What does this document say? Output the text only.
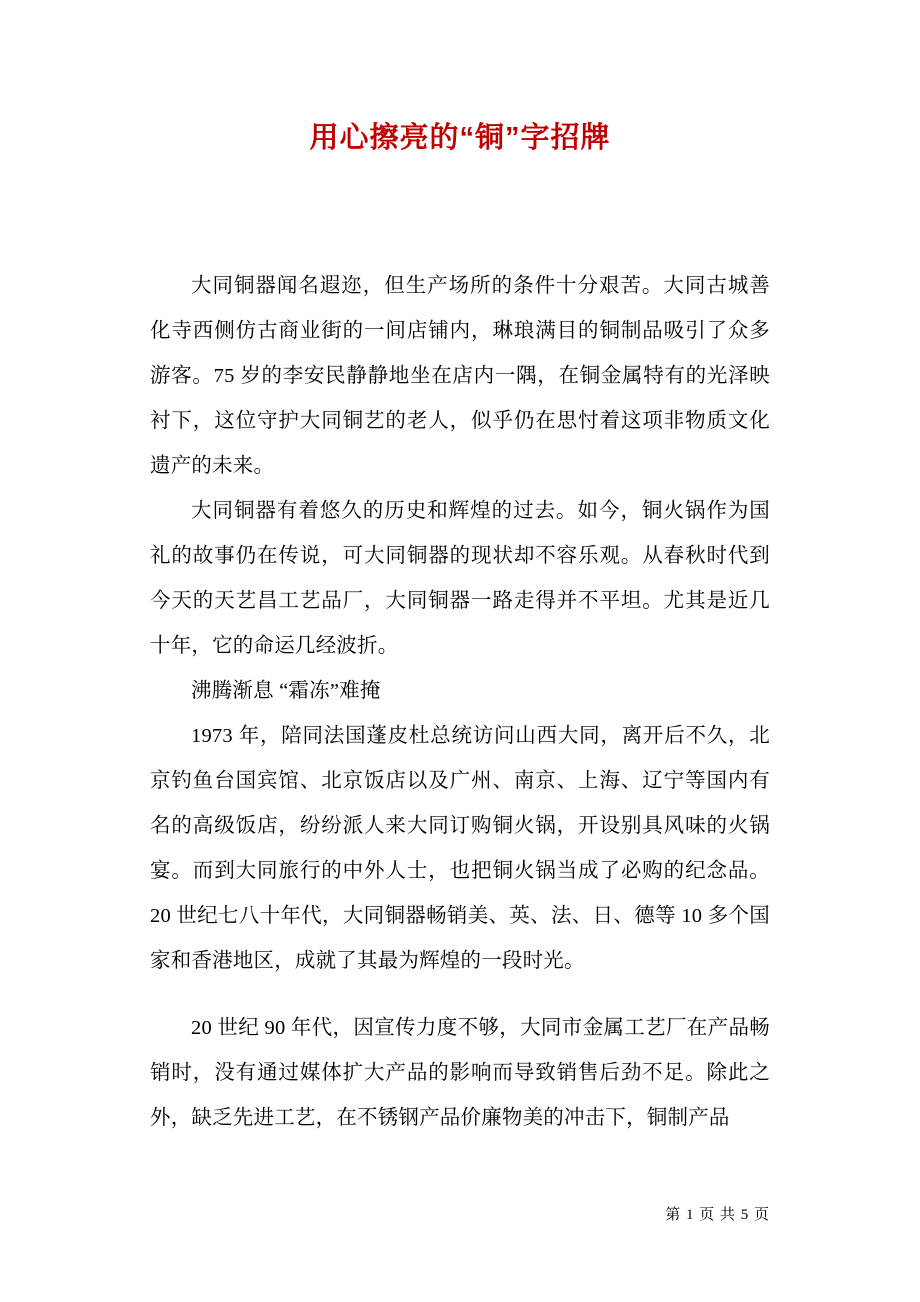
用心擦亮的“铜”字招牌

大同铜器闻名遐迩，但生产场所的条件十分艰苦。大同古城善化寺西侧仿古商业街的一间店铺内，琳琅满目的铜制品吸引了众多游客。75 岁的李安民静静地坐在店内一隅，在铜金属特有的光泽映衬下，这位守护大同铜艺的老人，似乎仍在思忖着这项非物质文化遗产的未来。

大同铜器有着悠久的历史和辉煌的过去。如今，铜火锅作为国礼的故事仍在传说，可大同铜器的现状却不容乐观。从春秋时代到今天的天艺昌工艺品厂，大同铜器一路走得并不平坦。尤其是近几十年，它的命运几经波折。

沸腾渐息 “霜冻”难掩

1973 年，陪同法国蓬皮杜总统访问山西大同，离开后不久，北京钓鱼台国宾馆、北京饭店以及广州、南京、上海、辽宁等国内有名的高级饭店，纷纷派人来大同订购铜火锅，开设别具风味的火锅宴。而到大同旅行的中外人士，也把铜火锅当成了必购的纪念品。20 世纪七八十年代，大同铜器畅销美、英、法、日、德等 10 多个国家和香港地区，成就了其最为辉煌的一段时光。

20 世纪 90 年代，因宣传力度不够，大同市金属工艺厂在产品畅销时，没有通过媒体扩大产品的影响而导致销售后劲不足。除此之外，缺乏先进工艺，在不锈钢产品价廉物美的冲击下，铜制产品

第 1 页 共 5 页
